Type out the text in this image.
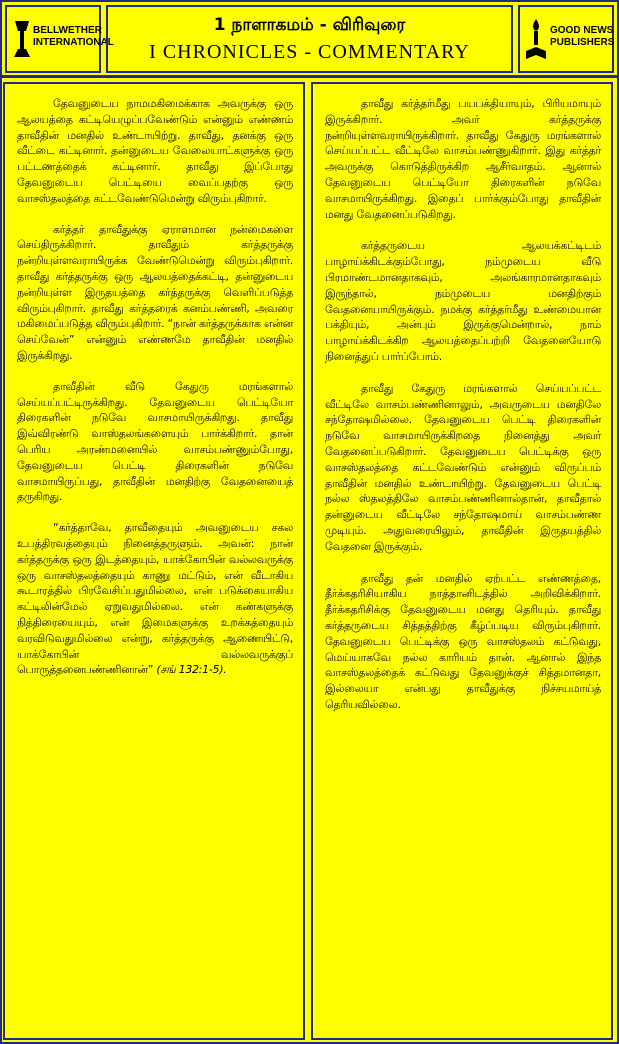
BELLWETHER
INTERNATIONAL
1 நாளாகமம் - விரிவுரை
I CHRONICLES - COMMENTARY
GOOD NEWS
PUBLISHERS

தேவனுடைய நாமமகிமைக்காக அவருக்கு ஒரு ஆலயத்தை கட்டியெழுப்பவேண்டும் என்னும் எண்ணம் தாவீதின் மனதில் உண்டாயிற்று. தாவீது, தனக்கு ஒரு வீட்டை கட்டினார். தன்னுடைய வேலையாட்களுக்கு ஒரு பட்டணத்தைக் கட்டினார். தாவீது இப்போது தேவனுடைய பெட்டியை வைப்பதற்கு ஒரு வாசஸ்தலத்தை கட்டவேண்டுமென்று விரும்புகிறார்.

கர்த்தர் தாவீதுக்கு ஏராளமான நன்மைகளை செய்திருக்கிறார். தாவீதும் கர்த்தருக்கு நன்றியுள்ளவராயிருக்க வேண்டுமென்று விரும்புகிறார். தாவீது கர்த்தருக்கு ஒரு ஆலயத்தைக்கட்டி, தன்னுடைய நன்றியுள்ள இருதயத்தை கர்த்தருக்கு வெளிப்படுத்த விரும்புகிறார். தாவீது கர்த்தரைக் கனம்பண்ணி, அவரை மகிமைப்படுத்த விரும்புகிறார். “நான் கர்த்தருக்காக என்ன செய்வேன்” என்னும் எண்ணமே தாவீதின் மனதில் இருக்கிறது.

தாவீதின் வீடு கேதுரு மரங்களால் செய்யப்பட்டிருக்கிறது. தேவனுடைய பெட்டியோ திரைகளின் நடுவே வாசமாயிருக்கிறது. தாவீது இவ்விரண்டு வாஸ்தலங்களையும் பார்க்கிறார். தான் பெரிய அரண்மனையில் வாசம்பண்ணும்போது, தேவனுடைய பெட்டி திரைகளின் நடுவே வாசமாயிருப்பது, தாவீதின் மனதிற்கு வேதனையைத் தருகிறது.

“கர்த்தாவே, தாவீதையும் அவனுடைய சகல உபத்திரவத்தையும் நினைத்தருளும். அவன்: நான் கர்த்தருக்கு ஒரு இடத்தையும், யாக்கோபின் வல்லவருக்கு ஒரு வாசஸ்தலத்தையும் காணு மட்டும், என் வீடாகிய கூடாரத்தில் பிரவேசிப்பதுமில்லை, என் படுக்கையாகிய கட்டிலின்மேல் ஏறுவதுமில்லை. என் கண்களுக்கு நித்திரையையும், என் இமைகளுக்கு உறக்கத்தையும் வரவிடுவதுமில்லை என்று, கர்த்தருக்கு ஆணையிட்டு, யாக்கோபின் வல்லவருக்குப் பொருத்தனைபண்ணினான்” (சங் 132:1-5).

தாவீது கர்த்தர்மீது பயபக்தியாயும், பிரியமாயும் இருக்கிறார். அவர் கர்த்தருக்கு நன்றியுள்ளவராயிருக்கிறார். தாவீது கேதுரு மரங்களால் செய்யப்பட்ட வீட்டிலே வாசம்பண்ணுகிறார். இது கர்த்தர் அவருக்கு கொடுத்திருக்கிற ஆசீர்வாதம். ஆனால் தேவனுடைய பெட்டியோ திரைகளின் நடுவே வாசமாயிருக்கிறது. இதைப் பார்க்கும்போது தாவீதின் மனது வேதனைப்படுகிறது.

கர்த்தருடைய ஆலயக்கட்டிடம் பாழாய்க்கிடக்கும்போது, நம்முடைய வீடு பிரமாண்டமானதாகவும், அலங்காரமானதாகவும் இருந்தால், நம்முடைய மனதிற்கும் வேதனையாயிருக்கும். நமக்கு கர்த்தர்மீது உண்மையான பக்தியும், அன்பும் இருக்குமென்றால், நாம் பாழாய்க்கிடக்கிற ஆலயத்தைப்பற்றி வேதனையோடு நினைத்துப் பார்ப்போம்.

தாவீது கேதுரு மரங்களால் செய்யப்பட்ட வீட்டிலே வாசம்பண்ணினாலும், அவருடைய மனதிலே சந்தோஷமில்லை. தேவனுடைய பெட்டி திரைகளின் நடுவே வாசமாயிருக்கிறதை நினைத்து அவர் வேதனைப்படுகிறார். தேவனுடைய பெட்டிக்கு ஒரு வாசஸ்தலத்தை கட்டவேண்டும் என்னும் விருப்பம் தாவீதின் மனதில் உண்டாயிற்று. தேவனுடைய பெட்டி நல்ல ஸ்தலத்திலே வாசம்பண்ணினால்தான், தாவீதால் தன்னுடைய வீட்டிலே சந்தோஷமாய் வாசம்பண்ண முடியும். அதுவரையிலும், தாவீதின் இருதயத்தில் வேதனை இருக்கும்.

தாவீது தன் மனதில் ஏற்பட்ட எண்ணத்தை, தீர்க்கதரிசியாகிய நாத்தானிடத்தில் அறிவிக்கிறார். தீர்க்கதரிசிக்கு தேவனுடைய மனது தெரியும். தாவீது கர்த்தருடைய சித்தத்திற்கு கீழ்ப்படிய விரும்புகிறார். தேவனுடைய பெட்டிக்கு ஒரு வாசஸ்தலம் கட்டுவது, மெய்யாகவே நல்ல காரியம் தான். ஆனால் இந்த வாசஸ்தலத்தைக் கட்டுவது தேவனுக்குச் சித்தமானதா, இல்லையா என்பது தாவீதுக்கு நிச்சயமாய்த் தெரியவில்லை.
